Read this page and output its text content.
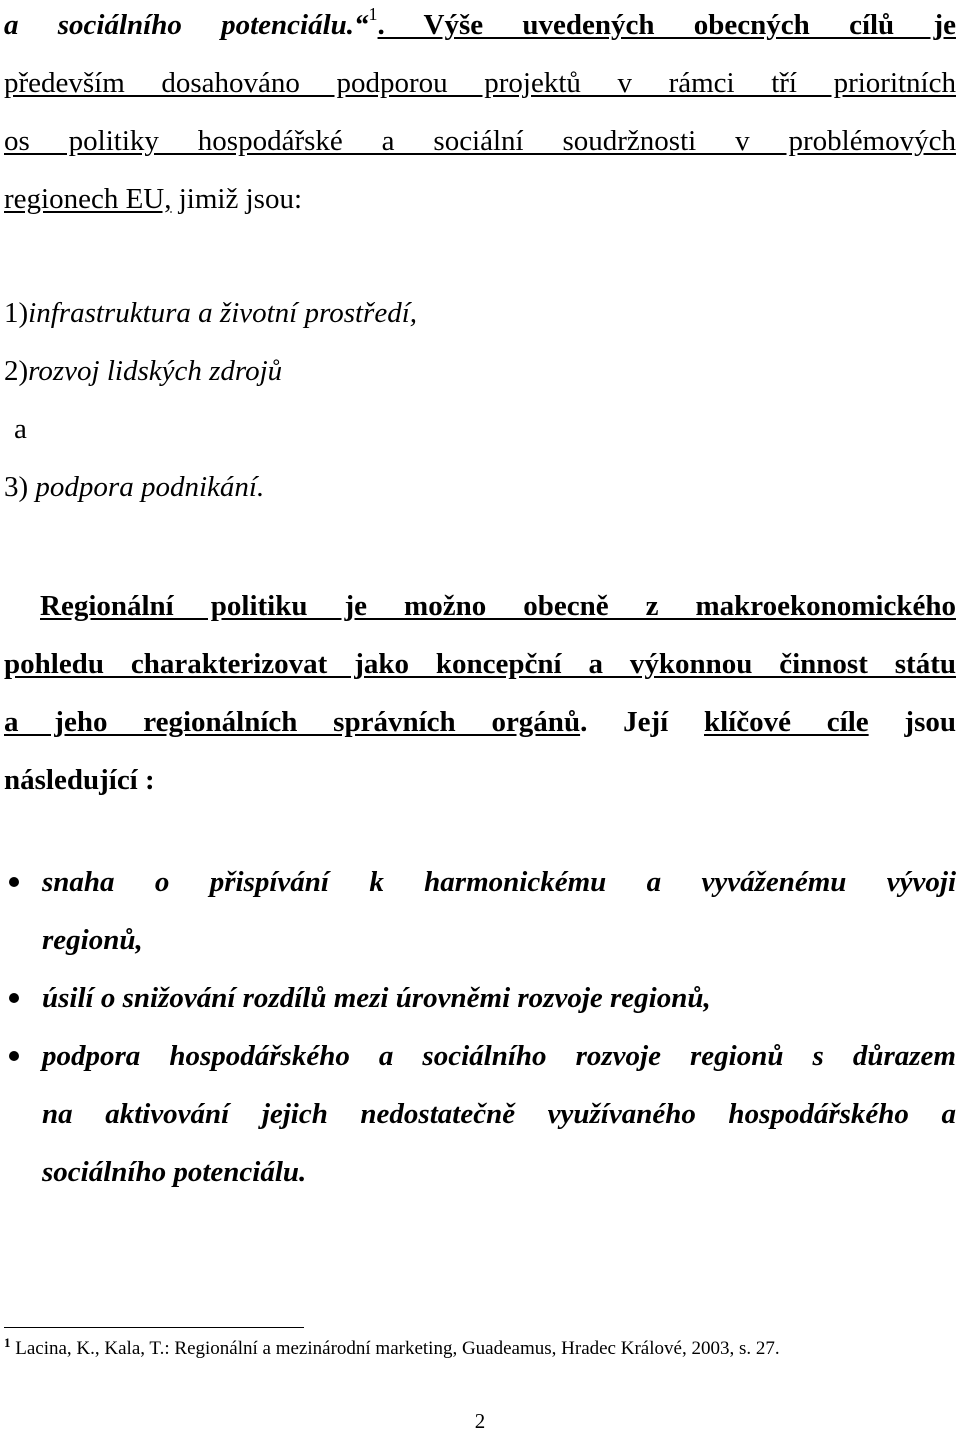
a sociálního potenciálu.“$^1$. Výše uvedených obecných cílů je
především dosahováno podporou projektů v rámci tří prioritních
os politiky hospodářské a sociální soudržnosti v problémových
regionech EU, jimiž jsou:
1)infrastruktura a životní prostředí,
2)rozvoj lidských zdrojů
a
3) podpora podnikání.
Regionální politiku je možno obecně z makroekonomického
pohledu charakterizovat jako koncepční a výkonnou činnost státu
a jeho regionálních správních orgánů. Její klíčové cíle jsou
následující :
snaha o přispívání k harmonickému a vyváženému vývoji
regionů,
úsilí o snižování rozdílů mezi úrovněmi rozvoje regionů,
podpora hospodářského a sociálního rozvoje regionů s důrazem
na aktivování jejich nedostatečně využívaného hospodářského a
sociálního potenciálu.
$^1$ Lacina, K., Kala, T.: Regionální a mezinárodní marketing, Guadeamus, Hradec Králové, 2003, s. 27.
2
